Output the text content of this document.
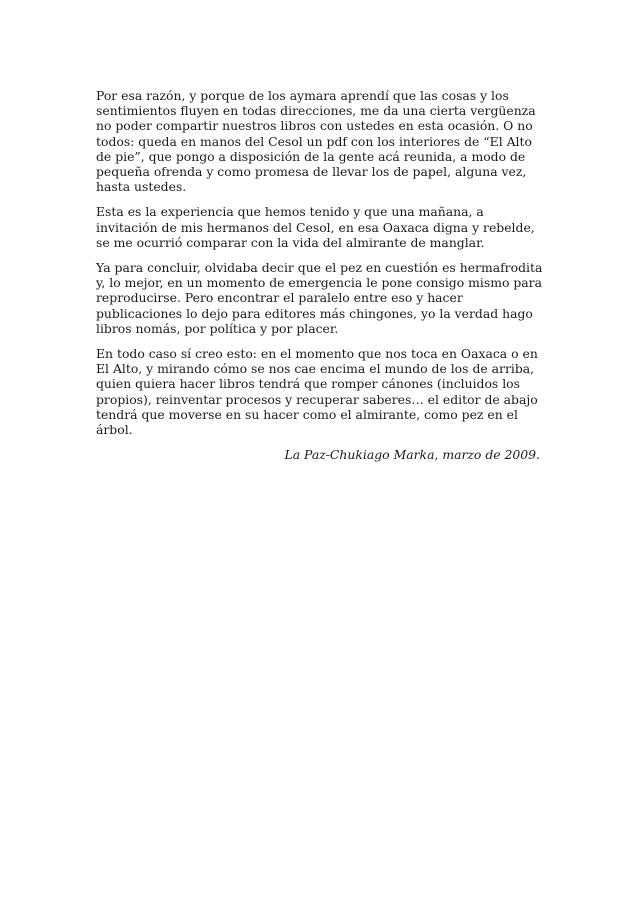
Por esa razón, y porque de los aymara aprendí que las cosas y los sentimientos fluyen en todas direcciones, me da una cierta vergüenza no poder compartir nuestros libros con ustedes en esta ocasión. O no todos: queda en manos del Cesol un pdf con los interiores de “El Alto de pie”, que pongo a disposición de la gente acá reunida, a modo de pequeña ofrenda y como promesa de llevar los de papel, alguna vez, hasta ustedes.

Esta es la experiencia que hemos tenido y que una mañana, a invitación de mis hermanos del Cesol, en esa Oaxaca digna y rebelde, se me ocurrió comparar con la vida del almirante de manglar.

Ya para concluir, olvidaba decir que el pez en cuestión es hermafrodita y, lo mejor, en un momento de emergencia le pone consigo mismo para reproducirse. Pero encontrar el paralelo entre eso y hacer publicaciones lo dejo para editores más chingones, yo la verdad hago libros nomás, por política y por placer.

En todo caso sí creo esto: en el momento que nos toca en Oaxaca o en El Alto, y mirando cómo se nos cae encima el mundo de los de arriba, quien quiera hacer libros tendrá que romper cánones (incluidos los propios), reinventar procesos y recuperar saberes… el editor de abajo tendrá que moverse en su hacer como el almirante, como pez en el árbol.

La Paz-Chukiago Marka, marzo de 2009.
